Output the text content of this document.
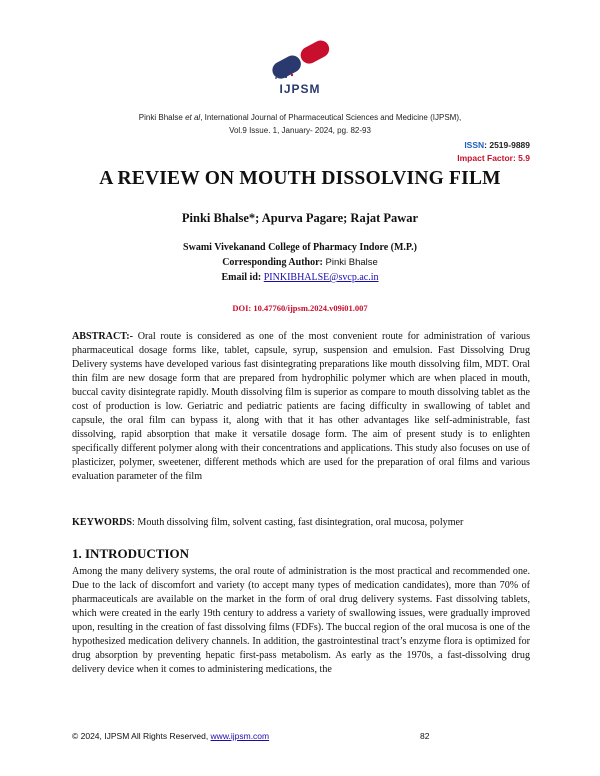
IJPSM
Pinki Bhalse et al, International Journal of Pharmaceutical Sciences and Medicine (IJPSM),
Vol.9 Issue. 1, January- 2024, pg. 82-93
ISSN: 2519-9889
Impact Factor: 5.9
A REVIEW ON MOUTH DISSOLVING FILM
Pinki Bhalse*; Apurva Pagare; Rajat Pawar
Swami Vivekanand College of Pharmacy Indore (M.P.)
Corresponding Author: Pinki Bhalse
Email id: PINKIBHALSE@svcp.ac.in
DOI: 10.47760/ijpsm.2024.v09i01.007
ABSTRACT:- Oral route is considered as one of the most convenient route for administration of various pharmaceutical dosage forms like, tablet, capsule, syrup, suspension and emulsion. Fast Dissolving Drug Delivery systems have developed various fast disintegrating preparations like mouth dissolving film, MDT. Oral thin film are new dosage form that are prepared from hydrophilic polymer which are when placed in mouth, buccal cavity disintegrate rapidly. Mouth dissolving film is superior as compare to mouth dissolving tablet as the cost of production is low. Geriatric and pediatric patients are facing difficulty in swallowing of tablet and capsule, the oral film can bypass it, along with that it has other advantages like self-administrable, fast dissolving, rapid absorption that make it versatile dosage form. The aim of present study is to enlighten specifically different polymer along with their concentrations and applications. This study also focuses on use of plasticizer, polymer, sweetener, different methods which are used for the preparation of oral films and various evaluation parameter of the film
KEYWORDS: Mouth dissolving film, solvent casting, fast disintegration, oral mucosa, polymer
1. INTRODUCTION
Among the many delivery systems, the oral route of administration is the most practical and recommended one. Due to the lack of discomfort and variety (to accept many types of medication candidates), more than 70% of pharmaceuticals are available on the market in the form of oral drug delivery systems. Fast dissolving tablets, which were created in the early 19th century to address a variety of swallowing issues, were gradually improved upon, resulting in the creation of fast dissolving films (FDFs). The buccal region of the oral mucosa is one of the hypothesized medication delivery channels. In addition, the gastrointestinal tract’s enzyme flora is optimized for drug absorption by preventing hepatic first-pass metabolism. As early as the 1970s, a fast-dissolving drug delivery device when it comes to administering medications, the
© 2024, IJPSM All Rights Reserved, www.ijpsm.com	82
